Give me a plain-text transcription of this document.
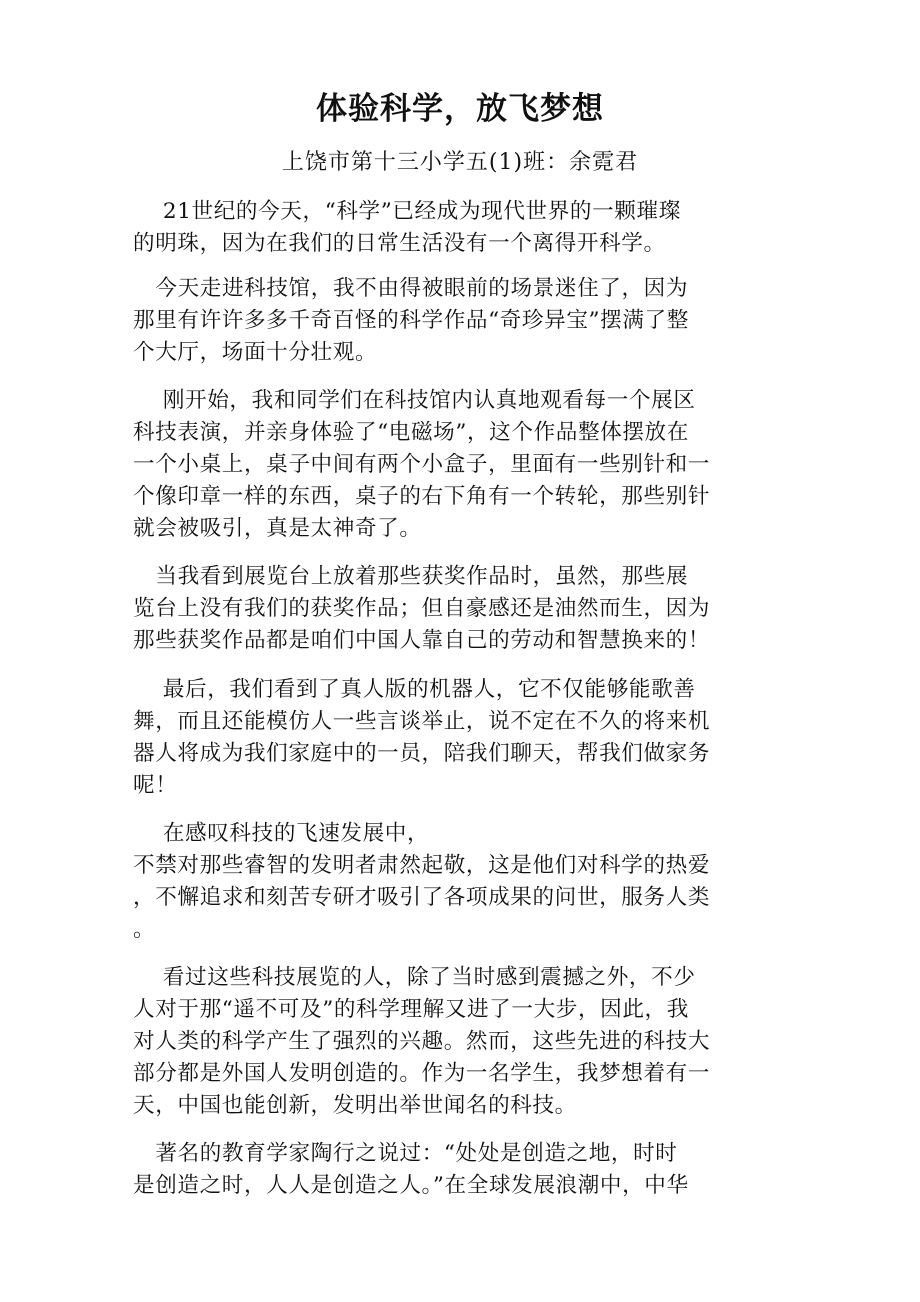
体验科学，放飞梦想
上饶市第十三小学五(1)班：余霓君
21世纪的今天，“科学”已经成为现代世界的一颗璀璨
的明珠，因为在我们的日常生活没有一个离得开科学。
今天走进科技馆，我不由得被眼前的场景迷住了，因为
那里有许许多多千奇百怪的科学作品“奇珍异宝”摆满了整
个大厅，场面十分壮观。
刚开始，我和同学们在科技馆内认真地观看每一个展区
科技表演，并亲身体验了“电磁场”，这个作品整体摆放在
一个小桌上，桌子中间有两个小盒子，里面有一些别针和一
个像印章一样的东西，桌子的右下角有一个转轮，那些别针
就会被吸引，真是太神奇了。
当我看到展览台上放着那些获奖作品时，虽然，那些展
览台上没有我们的获奖作品；但自豪感还是油然而生，因为
那些获奖作品都是咱们中国人靠自己的劳动和智慧换来的！
最后，我们看到了真人版的机器人，它不仅能够能歌善
舞，而且还能模仿人一些言谈举止，说不定在不久的将来机
器人将成为我们家庭中的一员，陪我们聊天，帮我们做家务
呢！
在感叹科技的飞速发展中，
不禁对那些睿智的发明者肃然起敬，这是他们对科学的热爱
，不懈追求和刻苦专研才吸引了各项成果的问世，服务人类
。
看过这些科技展览的人，除了当时感到震撼之外，不少
人对于那“遥不可及”的科学理解又进了一大步，因此，我
对人类的科学产生了强烈的兴趣。然而，这些先进的科技大
部分都是外国人发明创造的。作为一名学生，我梦想着有一
天，中国也能创新，发明出举世闻名的科技。
著名的教育学家陶行之说过：“处处是创造之地，时时
是创造之时，人人是创造之人。”在全球发展浪潮中，中华
